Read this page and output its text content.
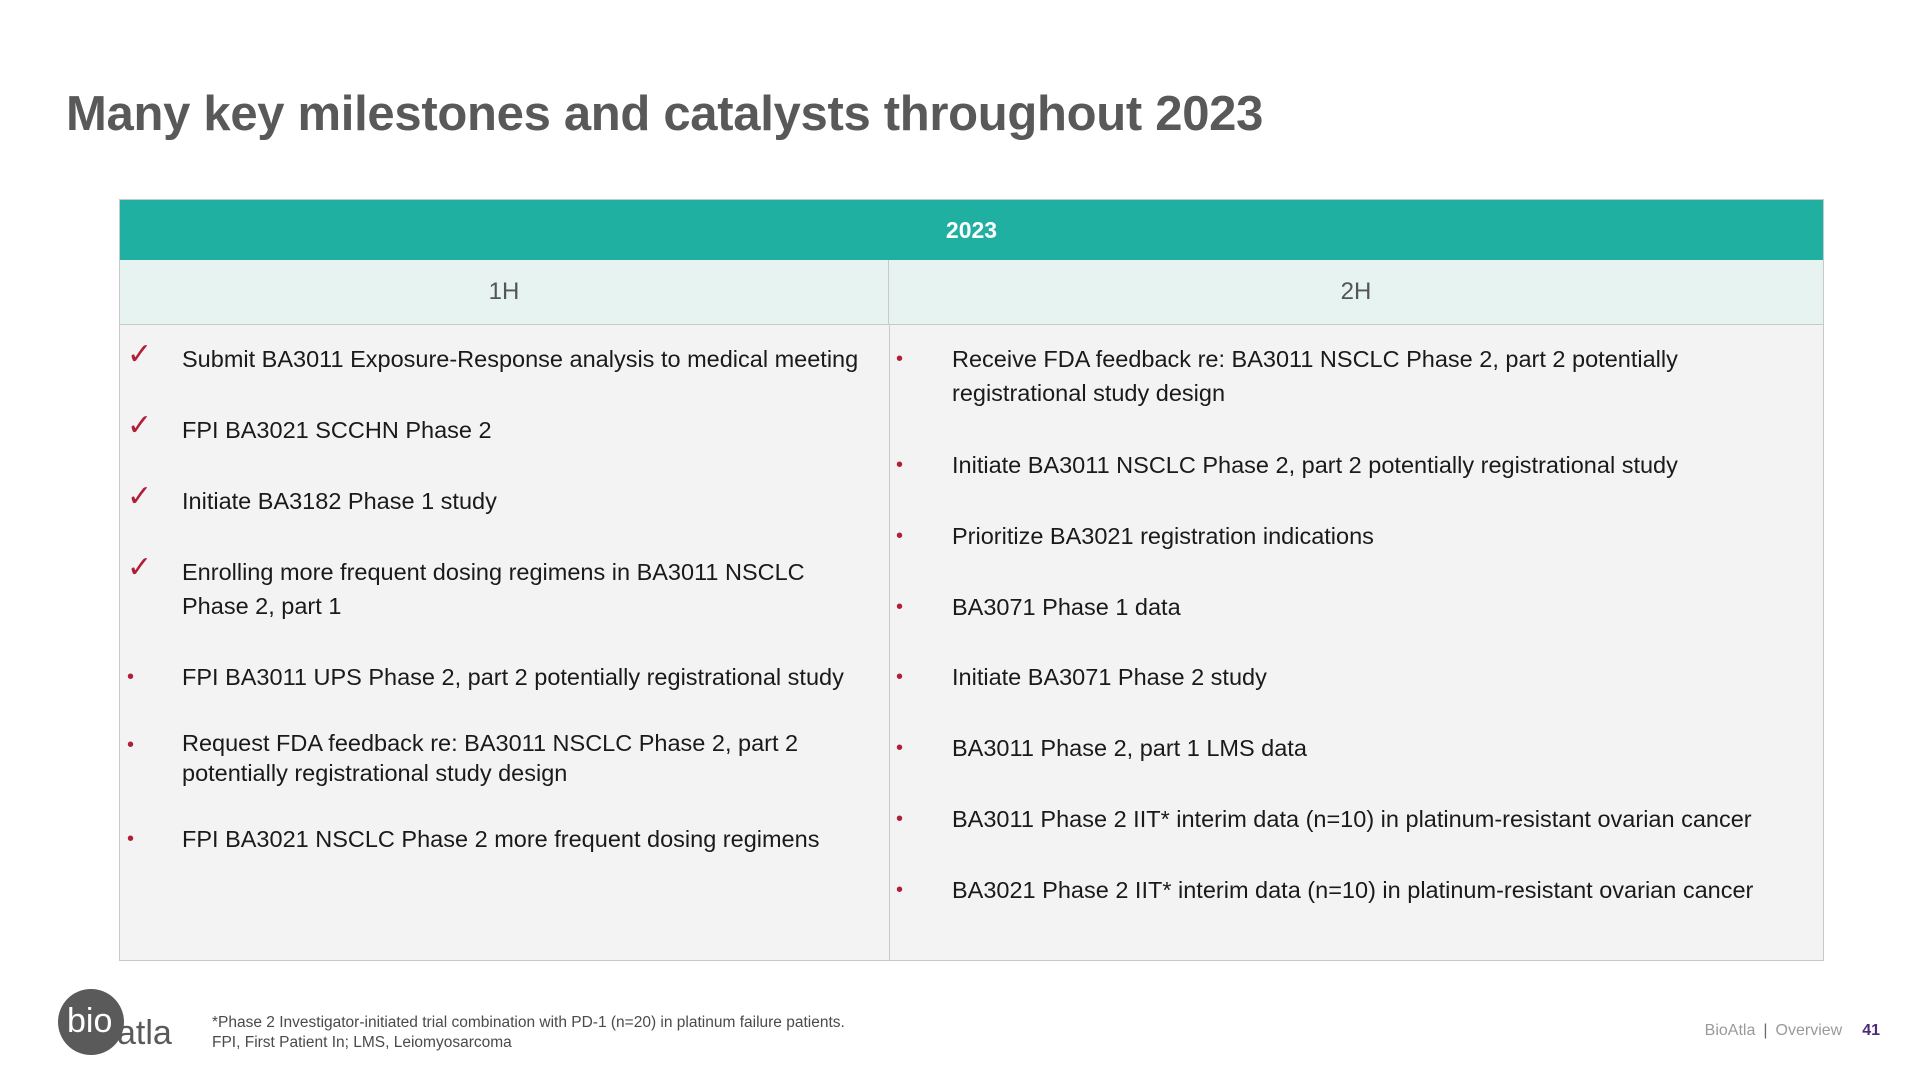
Many key milestones and catalysts throughout 2023
2023
1H	2H
✓ Submit BA3011 Exposure-Response analysis to medical meeting
✓ FPI BA3021 SCCHN Phase 2
✓ Initiate BA3182 Phase 1 study
✓ Enrolling more frequent dosing regimens in BA3011 NSCLC Phase 2, part 1
• FPI BA3011 UPS Phase 2, part 2 potentially registrational study
• Request FDA feedback re: BA3011 NSCLC Phase 2, part 2 potentially registrational study design
• FPI BA3021 NSCLC Phase 2 more frequent dosing regimens
• Receive FDA feedback re: BA3011 NSCLC Phase 2, part 2 potentially registrational study design
• Initiate BA3011 NSCLC Phase 2, part 2 potentially registrational study
• Prioritize BA3021 registration indications
• BA3071 Phase 1 data
• Initiate BA3071 Phase 2 study
• BA3011 Phase 2, part 1 LMS data
• BA3011 Phase 2 IIT* interim data (n=10) in platinum-resistant ovarian cancer
• BA3021 Phase 2 IIT* interim data (n=10) in platinum-resistant ovarian cancer
bio atla	*Phase 2 Investigator-initiated trial combination with PD-1 (n=20) in platinum failure patients.
FPI, First Patient In; LMS, Leiomyosarcoma
BioAtla | Overview 41
